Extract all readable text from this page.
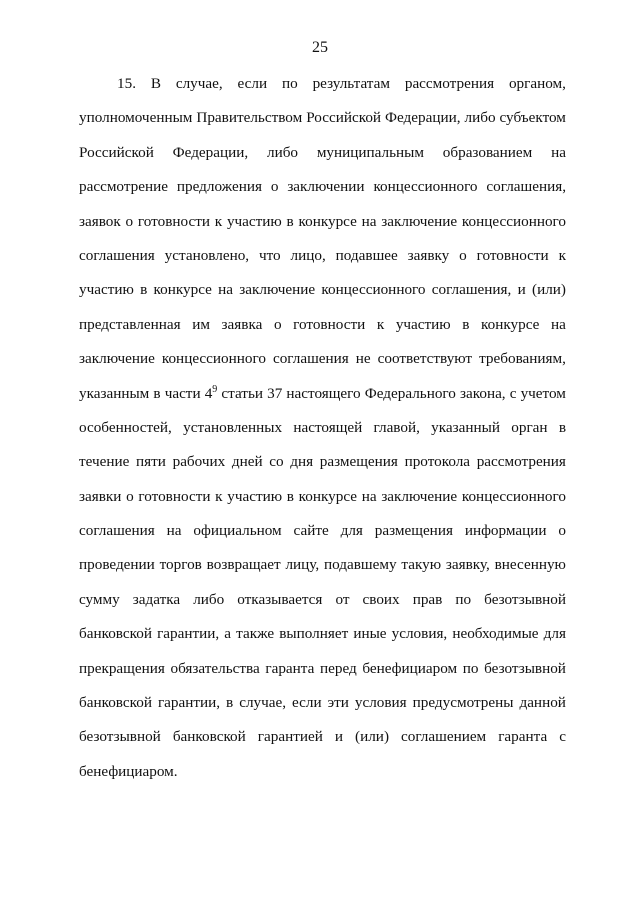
25
15. В случае, если по результатам рассмотрения органом,
уполномоченным Правительством Российской Федерации, либо субъектом
Российской Федерации, либо муниципальным образованием на
рассмотрение предложения о заключении концессионного соглашения,
заявок о готовности к участию в конкурсе на заключение концессионного
соглашения установлено, что лицо, подавшее заявку о готовности к
участию в конкурсе на заключение концессионного соглашения, и (или)
представленная им заявка о готовности к участию в конкурсе на
заключение концессионного соглашения не соответствуют требованиям,
указанным в части $4^9$ статьи 37 настоящего Федерального закона, с учетом
особенностей, установленных настоящей главой, указанный орган в
течение пяти рабочих дней со дня размещения протокола рассмотрения
заявки о готовности к участию в конкурсе на заключение концессионного
соглашения на официальном сайте для размещения информации о
проведении торгов возвращает лицу, подавшему такую заявку, внесенную
сумму задатка либо отказывается от своих прав по безотзывной
банковской гарантии, а также выполняет иные условия, необходимые для
прекращения обязательства гаранта перед бенефициаром по безотзывной
банковской гарантии, в случае, если эти условия предусмотрены данной
безотзывной банковской гарантией и (или) соглашением гаранта с
бенефициаром.
